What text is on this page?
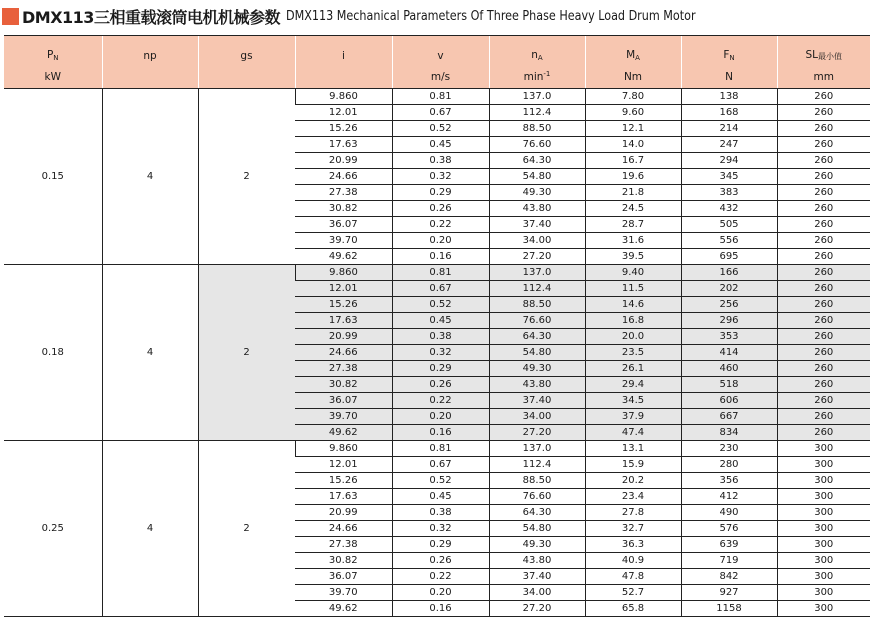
DMX113三相重载滚筒电机机械参数 DMX113 Mechanical Parameters Of Three Phase Heavy Load Drum Motor
$P_N$	np	gs	i	v	$n_A$	$M_A$	$F_N$	SL最小值
kW				m/s	$\min^{-1}$	Nm	N	mm
0.15	4	2	9.860	0.81	137.0	7.80	138	260
			12.01	0.67	112.4	9.60	168	260
			15.26	0.52	88.50	12.1	214	260
			17.63	0.45	76.60	14.0	247	260
			20.99	0.38	64.30	16.7	294	260
			24.66	0.32	54.80	19.6	345	260
			27.38	0.29	49.30	21.8	383	260
			30.82	0.26	43.80	24.5	432	260
			36.07	0.22	37.40	28.7	505	260
			39.70	0.20	34.00	31.6	556	260
			49.62	0.16	27.20	39.5	695	260
0.18	4	2	9.860	0.81	137.0	9.40	166	260
			12.01	0.67	112.4	11.5	202	260
			15.26	0.52	88.50	14.6	256	260
			17.63	0.45	76.60	16.8	296	260
			20.99	0.38	64.30	20.0	353	260
			24.66	0.32	54.80	23.5	414	260
			27.38	0.29	49.30	26.1	460	260
			30.82	0.26	43.80	29.4	518	260
			36.07	0.22	37.40	34.5	606	260
			39.70	0.20	34.00	37.9	667	260
			49.62	0.16	27.20	47.4	834	260
0.25	4	2	9.860	0.81	137.0	13.1	230	300
			12.01	0.67	112.4	15.9	280	300
			15.26	0.52	88.50	20.2	356	300
			17.63	0.45	76.60	23.4	412	300
			20.99	0.38	64.30	27.8	490	300
			24.66	0.32	54.80	32.7	576	300
			27.38	0.29	49.30	36.3	639	300
			30.82	0.26	43.80	40.9	719	300
			36.07	0.22	37.40	47.8	842	300
			39.70	0.20	34.00	52.7	927	300
			49.62	0.16	27.20	65.8	1158	300
